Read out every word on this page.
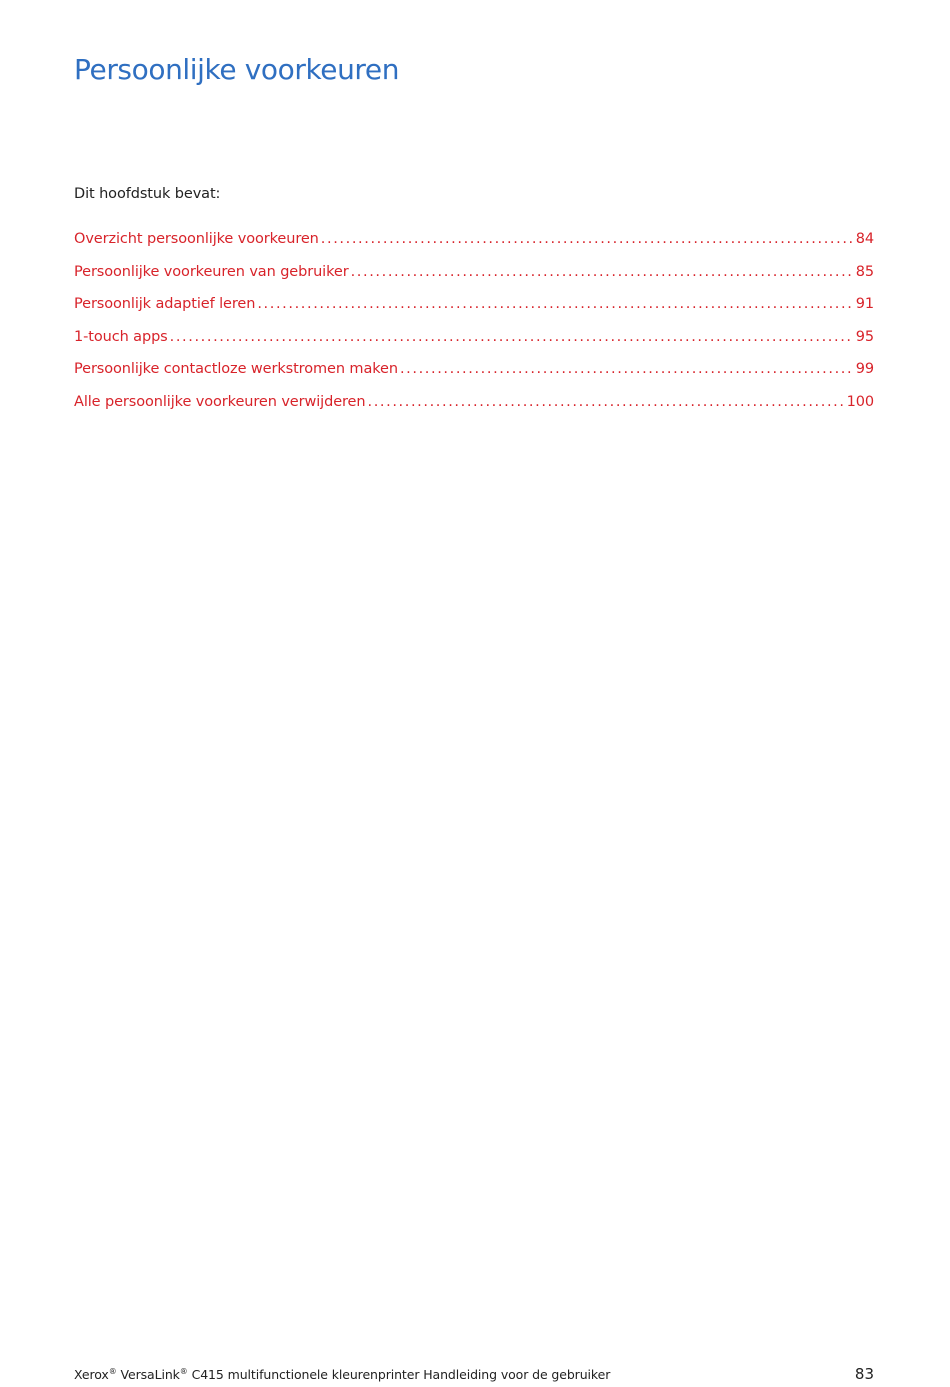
Persoonlijke voorkeuren
Dit hoofdstuk bevat:
Overzicht persoonlijke voorkeuren .....	84
Persoonlijke voorkeuren van gebruiker .....	85
Persoonlijk adaptief leren .....	91
1-touch apps .....	95
Persoonlijke contactloze werkstromen maken .....	99
Alle persoonlijke voorkeuren verwijderen .....	100
Xerox® VersaLink® C415 multifunctionele kleurenprinter Handleiding voor de gebruiker	83
